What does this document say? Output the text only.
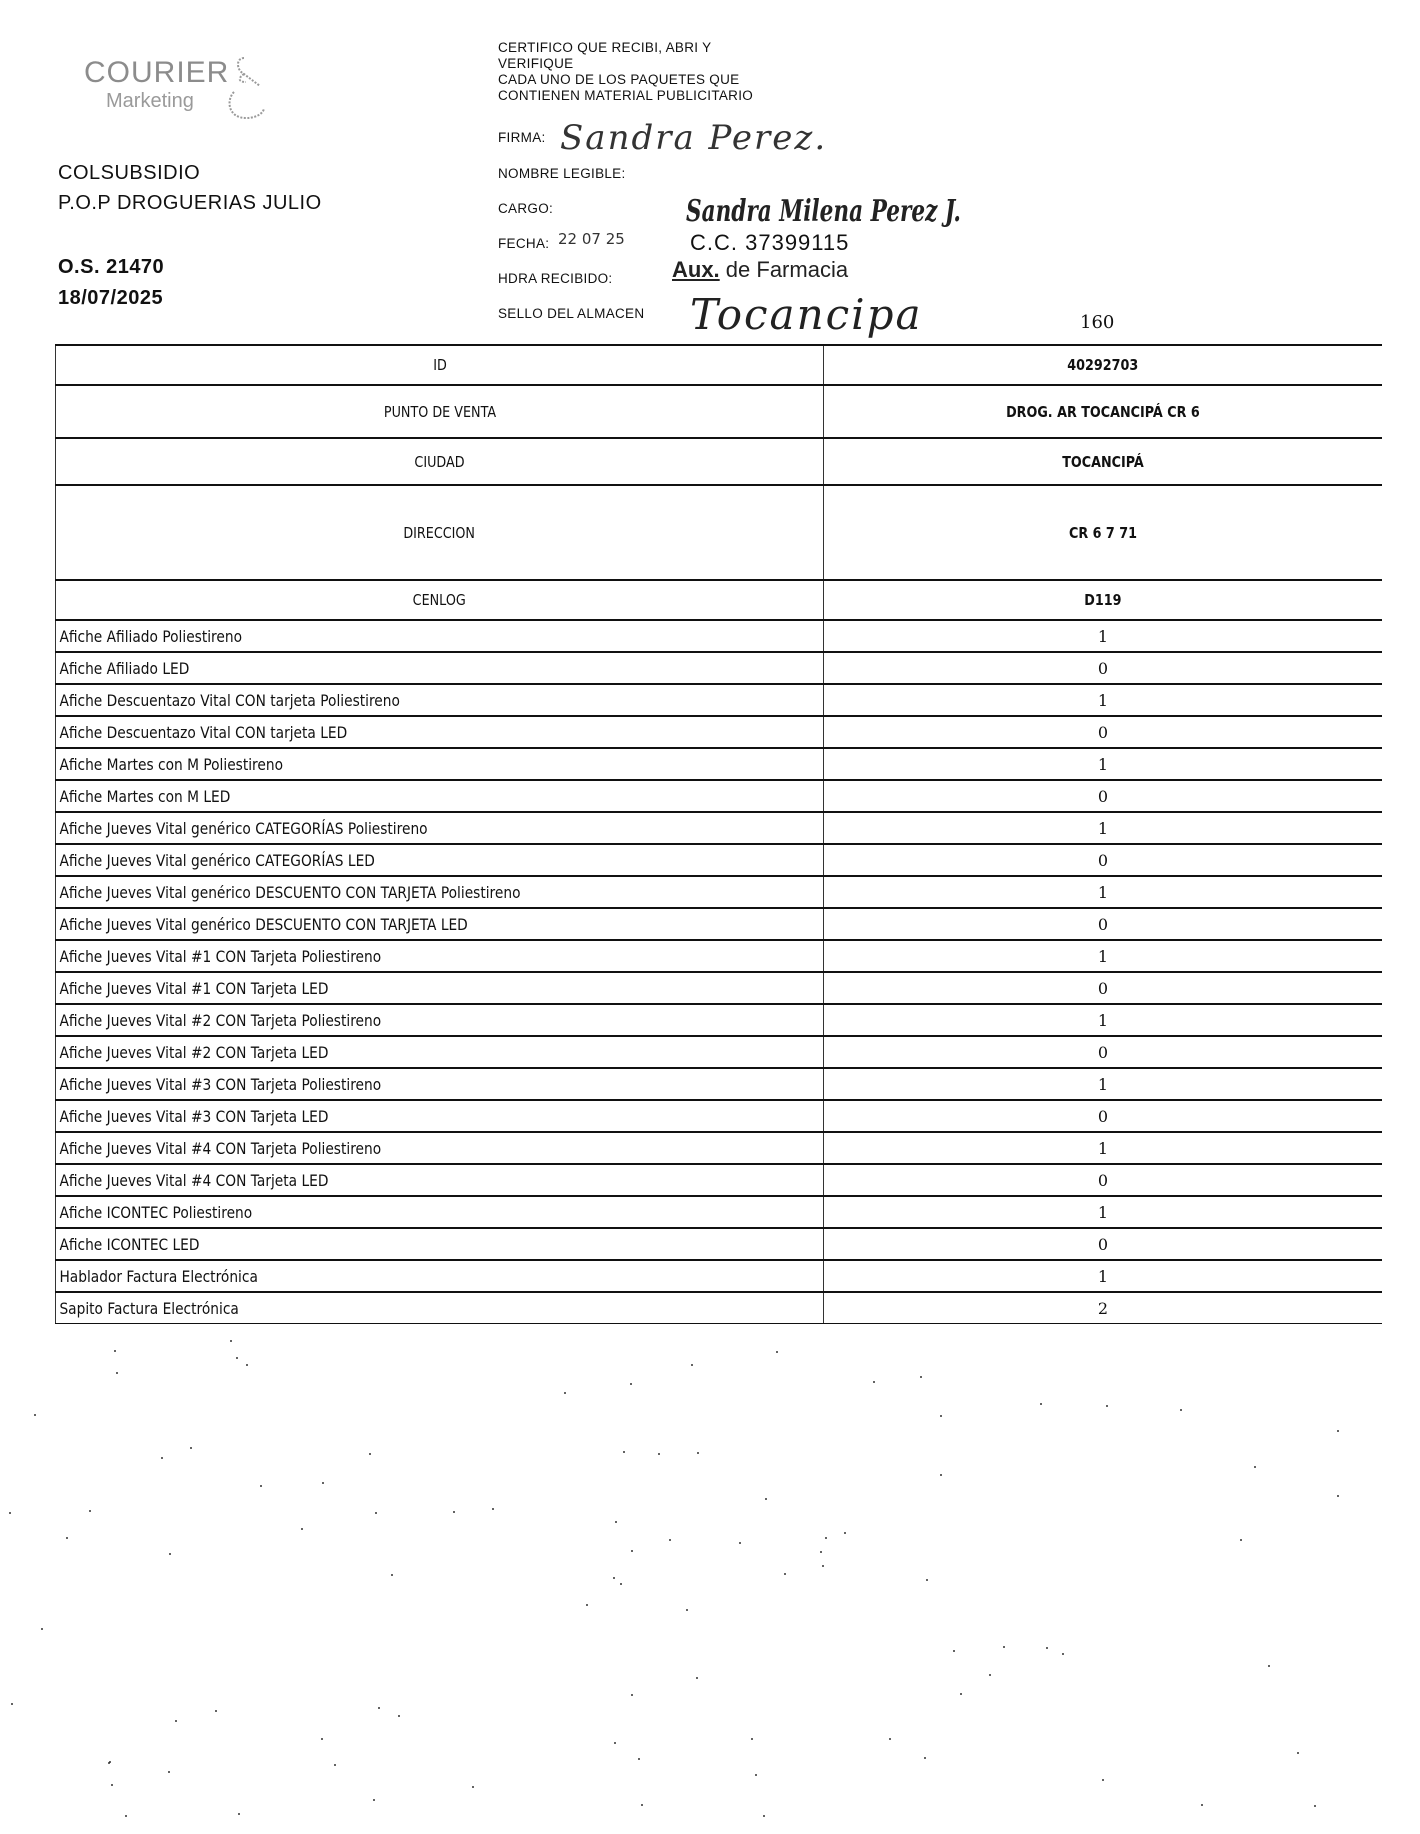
COURIER
Marketing
COLSUBSIDIO
P.O.P DROGUERIAS JULIO
O.S. 21470
18/07/2025
CERTIFICO QUE RECIBI, ABRI Y
VERIFIQUE
CADA UNO DE LOS PAQUETES QUE
CONTIENEN MATERIAL PUBLICITARIO
FIRMA: Sandra Perez.
NOMBRE LEGIBLE:
CARGO:
FECHA: 22 07 25
HDRA RECIBIDO:
SELLO DEL ALMACEN
Sandra Milena Perez J.
C.C. 37399115
Aux. de Farmacia
Tocancipa	160
ID	40292703
PUNTO DE VENTA	DROG. AR TOCANCIPÁ CR 6
CIUDAD	TOCANCIPÁ
DIRECCION	CR 6 7 71
CENLOG	D119
Afiche Afiliado Poliestireno	1
Afiche Afiliado LED	0
Afiche Descuentazo Vital CON tarjeta Poliestireno	1
Afiche Descuentazo Vital CON tarjeta LED	0
Afiche Martes con M Poliestireno	1
Afiche Martes con M LED	0
Afiche Jueves Vital genérico CATEGORÍAS Poliestireno	1
Afiche Jueves Vital genérico CATEGORÍAS LED	0
Afiche Jueves Vital genérico DESCUENTO CON TARJETA Poliestireno	1
Afiche Jueves Vital genérico DESCUENTO CON TARJETA LED	0
Afiche Jueves Vital #1 CON Tarjeta Poliestireno	1
Afiche Jueves Vital #1 CON Tarjeta LED	0
Afiche Jueves Vital #2 CON Tarjeta Poliestireno	1
Afiche Jueves Vital #2 CON Tarjeta LED	0
Afiche Jueves Vital #3 CON Tarjeta Poliestireno	1
Afiche Jueves Vital #3 CON Tarjeta LED	0
Afiche Jueves Vital #4 CON Tarjeta Poliestireno	1
Afiche Jueves Vital #4 CON Tarjeta LED	0
Afiche ICONTEC Poliestireno	1
Afiche ICONTEC LED	0
Hablador Factura Electrónica	1
Sapito Factura Electrónica	2
